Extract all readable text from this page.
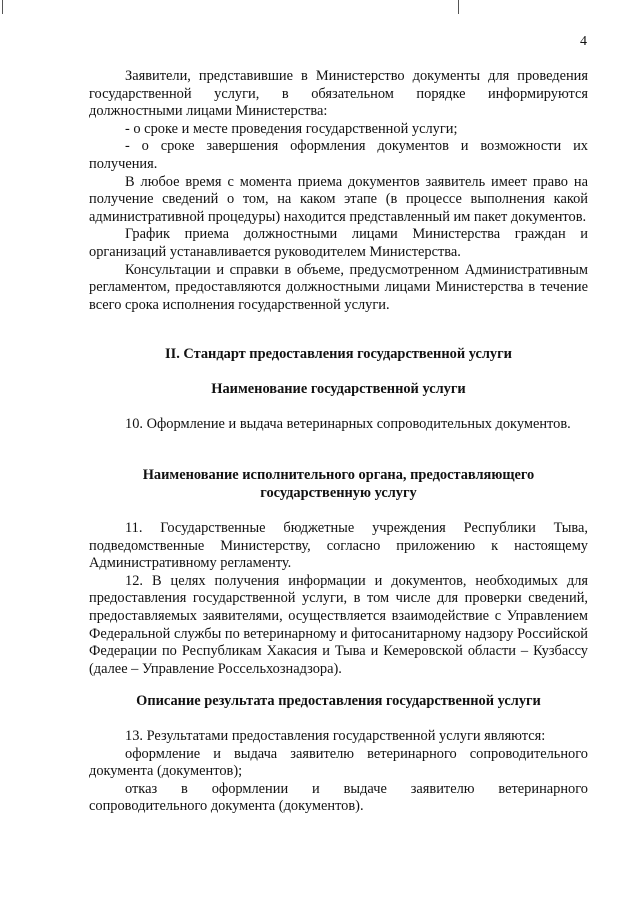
4

Заявители, представившие в Министерство документы для проведения государственной услуги, в обязательном порядке информируются должностными лицами Министерства:

- о сроке и месте проведения государственной услуги;

- о сроке завершения оформления документов и возможности их получения.

В любое время с момента приема документов заявитель имеет право на получение сведений о том, на каком этапе (в процессе выполнения какой административной процедуры) находится представленный им пакет документов.

График приема должностными лицами Министерства граждан и организаций устанавливается руководителем Министерства.

Консультации и справки в объеме, предусмотренном Административным регламентом, предоставляются должностными лицами Министерства в течение всего срока исполнения государственной услуги.

II. Стандарт предоставления государственной услуги

Наименование государственной услуги

10. Оформление и выдача ветеринарных сопроводительных документов.

Наименование исполнительного органа, предоставляющего
государственную услугу

11. Государственные бюджетные учреждения Республики Тыва, подведомственные Министерству, согласно приложению к настоящему Административному регламенту.

12. В целях получения информации и документов, необходимых для предоставления государственной услуги, в том числе для проверки сведений, предоставляемых заявителями, осуществляется взаимодействие с Управлением Федеральной службы по ветеринарному и фитосанитарному надзору Российской Федерации по Республикам Хакасия и Тыва и Кемеровской области – Кузбассу (далее – Управление Россельхознадзора).

Описание результата предоставления государственной услуги

13. Результатами предоставления государственной услуги являются:

оформление и выдача заявителю ветеринарного сопроводительного документа (документов);

отказ в оформлении и выдаче заявителю ветеринарного сопроводительного документа (документов).
